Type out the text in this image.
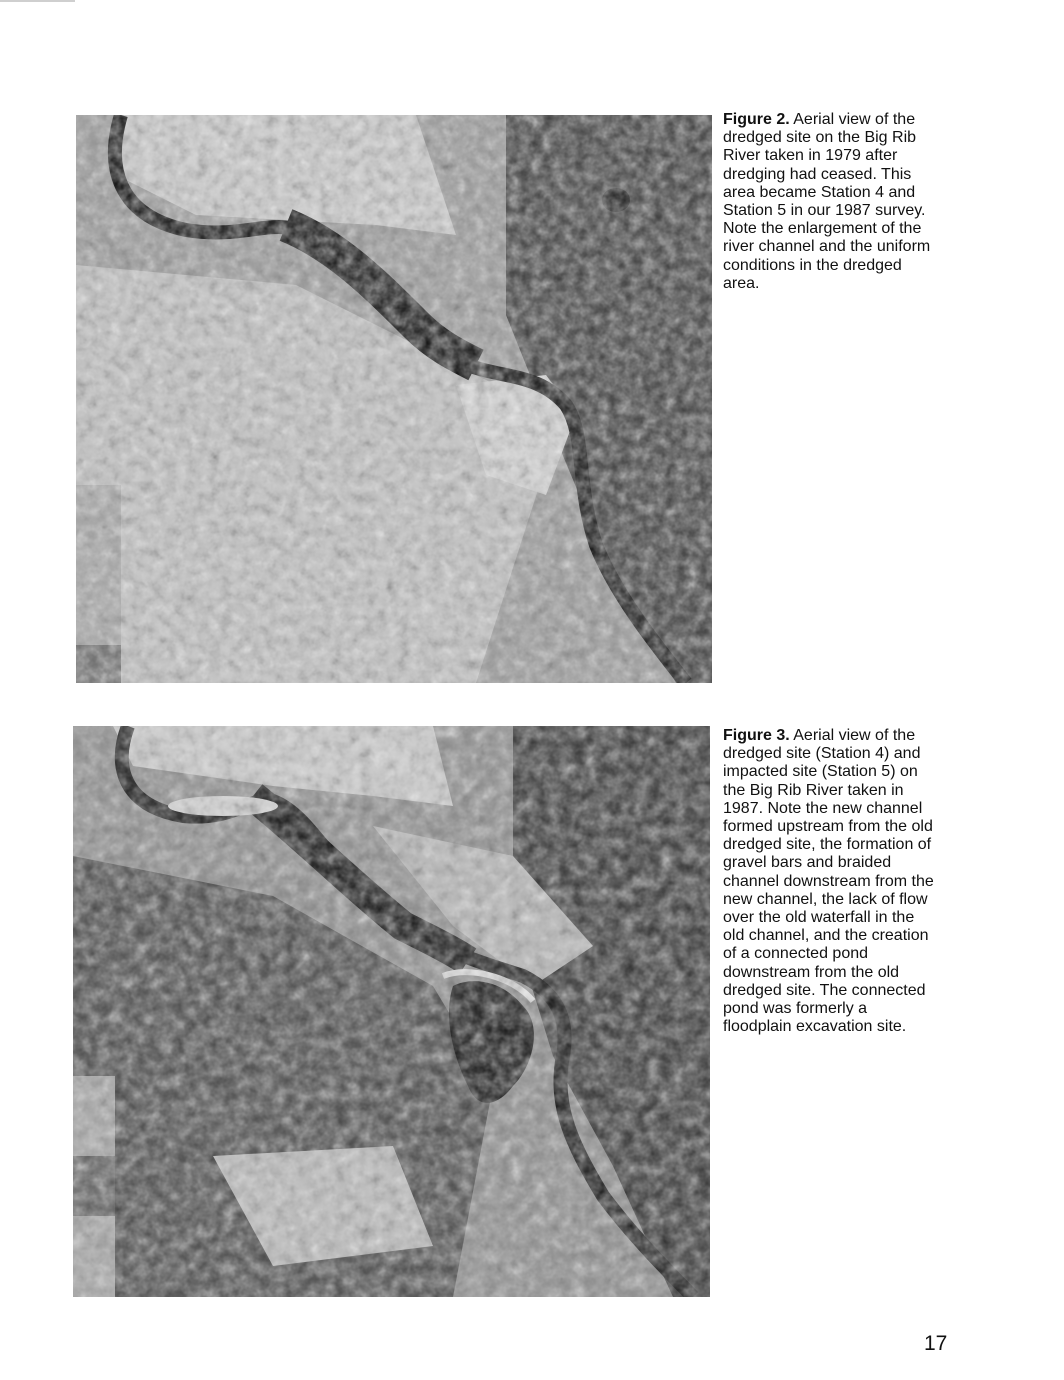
Figure 2. Aerial view of the dredged site on the Big Rib River taken in 1979 after dredging had ceased. This area became Station 4 and Station 5 in our 1987 survey. Note the enlargement of the river channel and the uniform conditions in the dredged area.
Figure 3. Aerial view of the dredged site (Station 4) and impacted site (Station 5) on the Big Rib River taken in 1987. Note the new channel formed upstream from the old dredged site, the formation of gravel bars and braided channel downstream from the new channel, the lack of flow over the old waterfall in the old channel, and the creation of a connected pond downstream from the old dredged site. The connected pond was formerly a floodplain excavation site.
17
